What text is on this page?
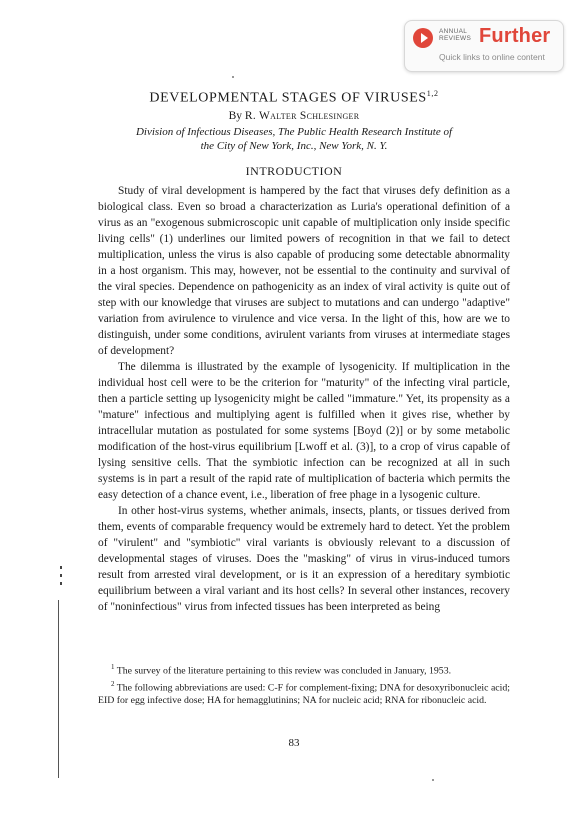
ANNUAL
REVIEWS Further
Quick links to online content
DEVELOPMENTAL STAGES OF VIRUSES$^{1,2}$
By R. Walter Schlesinger
Division of Infectious Diseases, The Public Health Research Institute of
the City of New York, Inc., New York, N. Y.
INTRODUCTION

Study of viral development is hampered by the fact that viruses defy definition as a biological class. Even so broad a characterization as Luria's operational definition of a virus as an "exogenous submicroscopic unit capable of multiplication only inside specific living cells" (1) underlines our limited powers of recognition in that we fail to detect multiplication, unless the virus is also capable of producing some detectable abnormality in a host organism. This may, however, not be essential to the continuity and survival of the viral species. Dependence on pathogenicity as an index of viral activity is quite out of step with our knowledge that viruses are subject to mutations and can undergo "adaptive" variation from avirulence to virulence and vice versa. In the light of this, how are we to distinguish, under some conditions, avirulent variants from viruses at intermediate stages of development?

The dilemma is illustrated by the example of lysogenicity. If multiplication in the individual host cell were to be the criterion for "maturity" of the infecting viral particle, then a particle setting up lysogenicity might be called "immature." Yet, its propensity as a "mature" infectious and multiplying agent is fulfilled when it gives rise, whether by intracellular mutation as postulated for some systems [Boyd (2)] or by some metabolic modification of the host-virus equilibrium [Lwoff et al. (3)], to a crop of virus capable of lysing sensitive cells. That the symbiotic infection can be recognized at all in such systems is in part a result of the rapid rate of multiplication of bacteria which permits the easy detection of a chance event, i.e., liberation of free phage in a lysogenic culture.

In other host-virus systems, whether animals, insects, plants, or tissues derived from them, events of comparable frequency would be extremely hard to detect. Yet the problem of "virulent" and "symbiotic" viral variants is obviously relevant to a discussion of developmental stages of viruses. Does the "masking" of virus in virus-induced tumors result from arrested viral development, or is it an expression of a hereditary symbiotic equilibrium between a viral variant and its host cells? In several other instances, recovery of "noninfectious" virus from infected tissues has been interpreted as being

$^1$ The survey of the literature pertaining to this review was concluded in January, 1953.

$^2$ The following abbreviations are used: C-F for complement-fixing; DNA for desoxyribonucleic acid; EID for egg infective dose; HA for hemagglutinins; NA for nucleic acid; RNA for ribonucleic acid.

83
